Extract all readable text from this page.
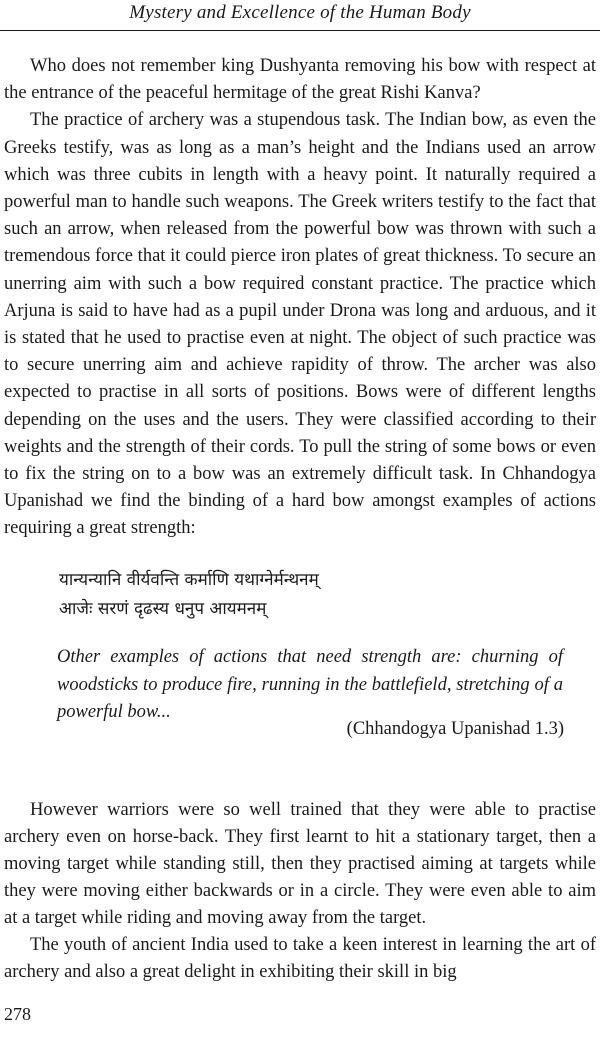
Mystery and Excellence of the Human Body

Who does not remember king Dushyanta removing his bow with respect at the entrance of the peaceful hermitage of the great Rishi Kanva?

The practice of archery was a stupendous task. The Indian bow, as even the Greeks testify, was as long as a man’s height and the Indians used an arrow which was three cubits in length with a heavy point. It naturally required a powerful man to handle such weapons. The Greek writers testify to the fact that such an arrow, when released from the powerful bow was thrown with such a tremendous force that it could pierce iron plates of great thickness. To secure an unerring aim with such a bow required constant practice. The practice which Arjuna is said to have had as a pupil under Drona was long and arduous, and it is stated that he used to practise even at night. The object of such practice was to secure unerring aim and achieve rapidity of throw. The archer was also expected to practise in all sorts of positions. Bows were of different lengths depending on the uses and the users. They were classified according to their weights and the strength of their cords. To pull the string of some bows or even to fix the string on to a bow was an extremely difficult task. In Chhandogya Upanishad we find the binding of a hard bow amongst examples of actions requiring a great strength:

यान्यन्यानि वीर्यवन्ति कर्माणि यथाग्नेर्मन्थनम्
आजेः सरणं दृढस्य धनुप आयमनम्
Other examples of actions that need strength are: churning of woodsticks to produce fire, running in the battlefield, stretching of a powerful bow...
(Chhandogya Upanishad 1.3)

However warriors were so well trained that they were able to practise archery even on horse-back. They first learnt to hit a stationary target, then a moving target while standing still, then they practised aiming at targets while they were moving either backwards or in a circle. They were even able to aim at a target while riding and moving away from the target.

The youth of ancient India used to take a keen interest in learning the art of archery and also a great delight in exhibiting their skill in big

278
